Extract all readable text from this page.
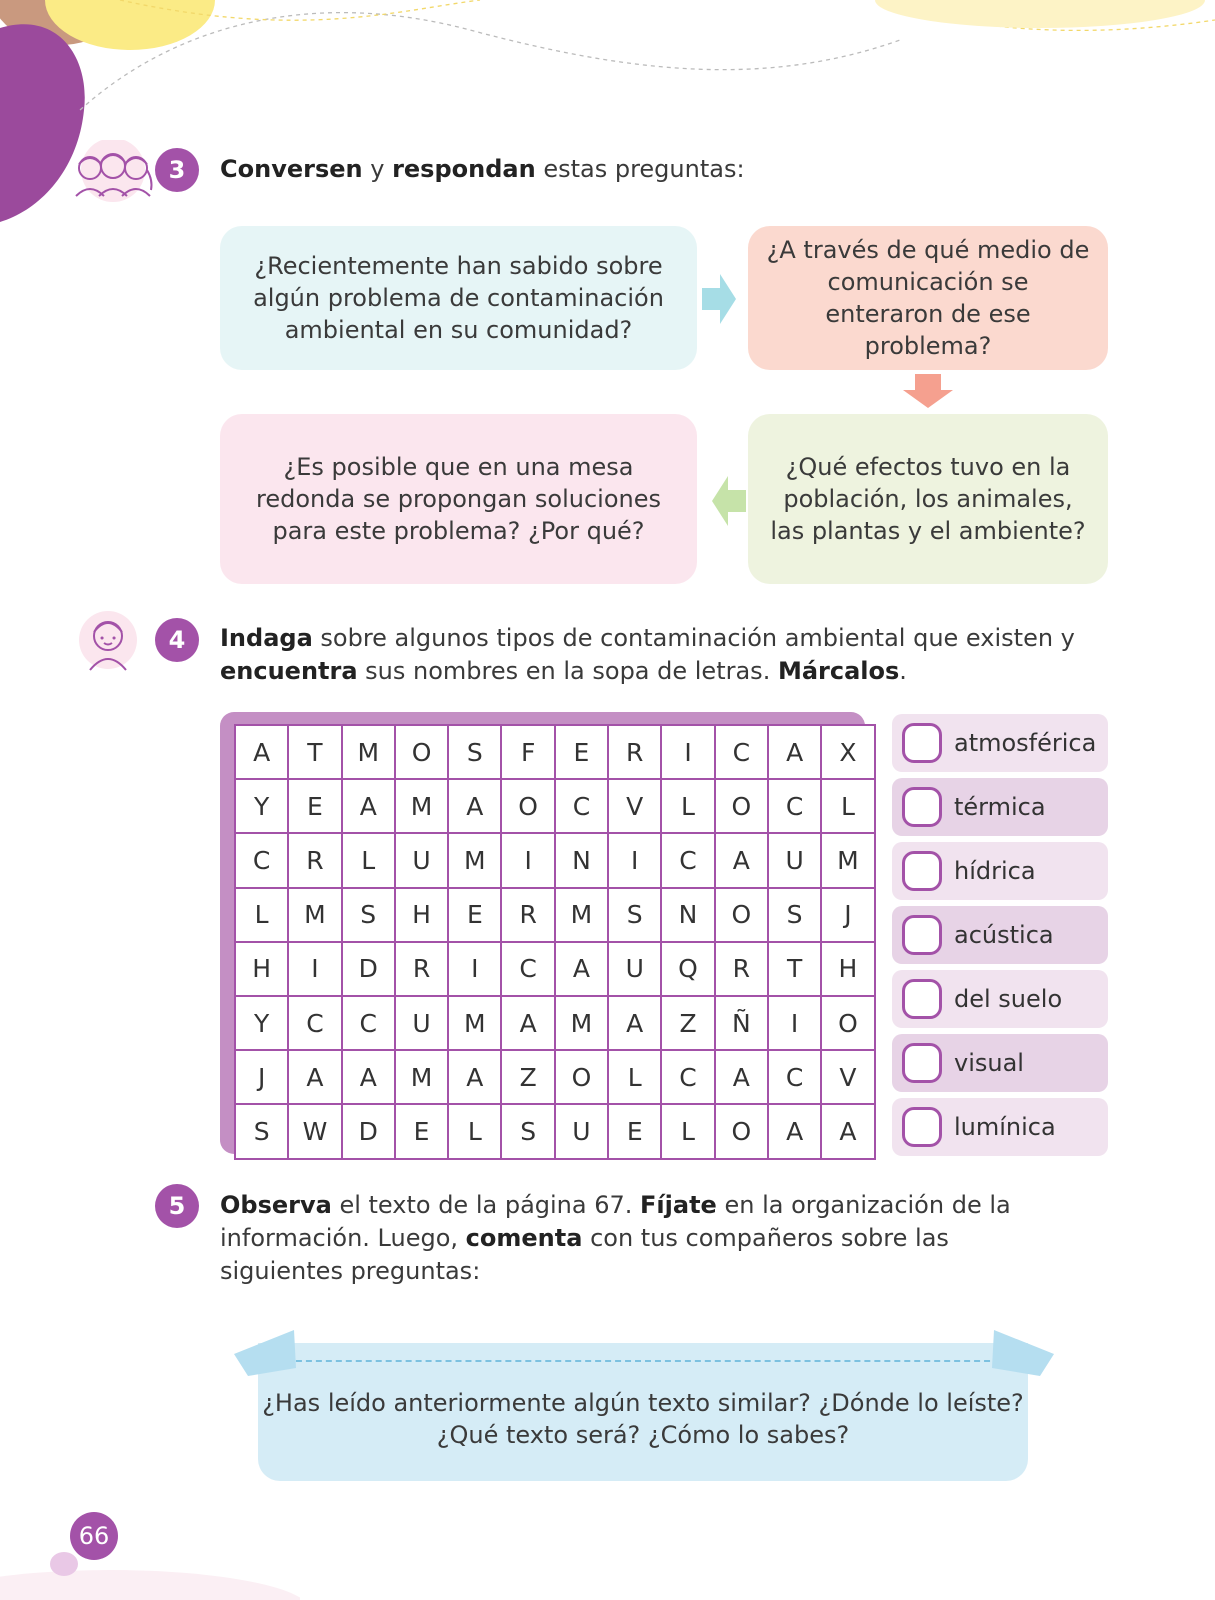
3	Conversen y respondan estas preguntas:
¿Recientemente han sabido sobre algún problema de contaminación ambiental en su comunidad?
¿A través de qué medio de comunicación se enteraron de ese problema?
¿Qué efectos tuvo en la población, los animales, las plantas y el ambiente?
¿Es posible que en una mesa redonda se propongan soluciones para este problema? ¿Por qué?
4	Indaga sobre algunos tipos de contaminación ambiental que existen y encuentra sus nombres en la sopa de letras. Márcalos.
A	T	M	O	S	F	E	R	I	C	A	X
Y	E	A	M	A	O	C	V	L	O	C	L
C	R	L	U	M	I	N	I	C	A	U	M
L	M	S	H	E	R	M	S	N	O	S	J
H	I	D	R	I	C	A	U	Q	R	T	H
Y	C	C	U	M	A	M	A	Z	Ñ	I	O
J	A	A	M	A	Z	O	L	C	A	C	V
S	W	D	E	L	S	U	E	L	O	A	A
atmosférica
térmica
hídrica
acústica
del suelo
visual
lumínica
5	Observa el texto de la página 67. Fíjate en la organización de la información. Luego, comenta con tus compañeros sobre las siguientes preguntas:
¿Has leído anteriormente algún texto similar? ¿Dónde lo leíste? ¿Qué texto será? ¿Cómo lo sabes?
66
